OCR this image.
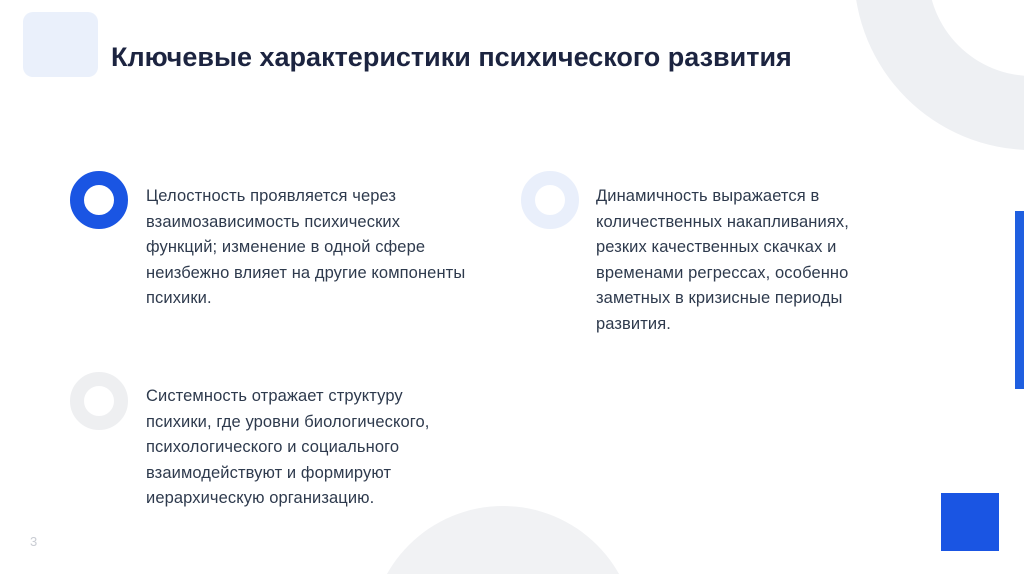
Ключевые характеристики психического развития

Целостность проявляется через взаимозависимость психических функций; изменение в одной сфере неизбежно влияет на другие компоненты психики.

Динамичность выражается в количественных накапливаниях, резких качественных скачках и временами регрессах, особенно заметных в кризисные периоды развития.

Системность отражает структуру психики, где уровни биологического, психологического и социального взаимодействуют и формируют иерархическую организацию.

3
